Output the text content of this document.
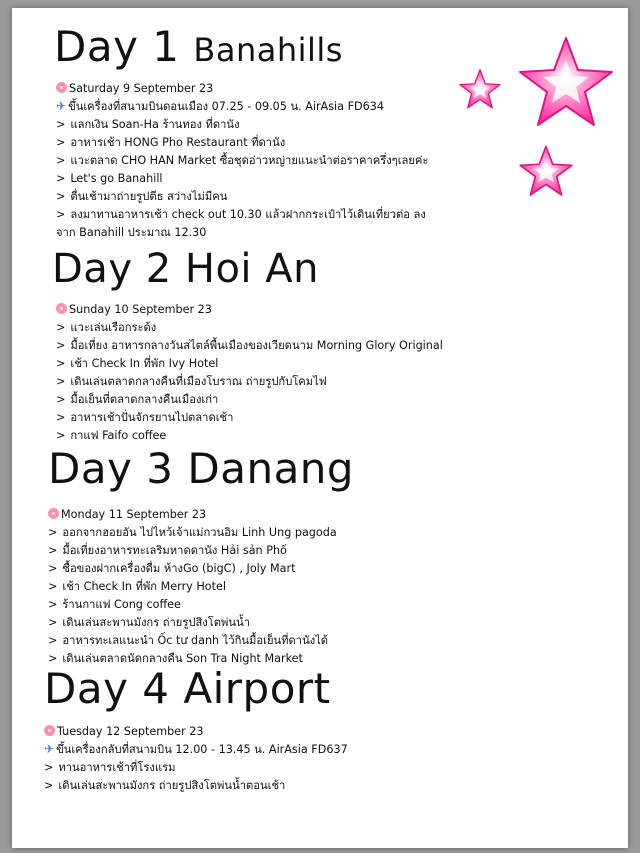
Day 1 Banahills
Saturday 9 September 23
✈ ขึ้นเครื่องที่สนามบินดอนเมือง 07.25 - 09.05 น. AirAsia FD634
> แลกเงิน Soan-Ha ร้านทอง ที่ดานัง
> อาหารเช้า HONG Pho Restaurant ที่ดานัง
> แวะตลาด CHO HAN Market ซื้อชุดอ่าวหญ่ายแนะนำต่อราคาครึ่งๆเลยค่ะ
> Let's go Banahill
> ตื่นเช้ามาถ่ายรูปตีธ สว่างไม่มีคน
> ลงมาทานอาหารเช้า check out 10.30 แล้วฝากกระเป๋าไว้เดินเที่ยวต่อ ลง
จาก Banahill ประมาณ 12.30
Day 2 Hoi An
Sunday 10 September 23
> แวะเล่นเรือกระด้ง
> มื้อเที่ยง อาหารกลางวันสไตล์พื้นเมืองของเวียดนาม Morning Glory Original
> เช้า Check In ที่พัก Ivy Hotel
> เดินเล่นตลาดกลางคืนที่เมืองโบราณ ถ่ายรูปกับโคมไฟ
> มื้อเย็นที่ตลาดกลางคืนเมืองเก่า
> อาหารเช้าปั่นจักรยานไปตลาดเช้า
> กาแฟ Faifo coffee
Day 3 Danang
Monday 11 September 23
> ออกจากฮอยอัน ไปไหว้เจ้าแม่กวนอิม Linh Ung pagoda
> มื้อเที่ยงอาหารทะเลริมหาดดานัง Hải sản Phố
> ซื้อของฝากเครื่องดื่ม ห้างGo (bigC) , Joly Mart
> เช้า Check In ที่พัก Merry Hotel
> ร้านกาแฟ Cong coffee
> เดินเล่นสะพานมังกร ถ่ายรูปสิงโตพ่นน้ำ
> อาหารทะเลแนะนำ Ốc tư danh ไว้กินมื้อเย็นที่ดานังได้
> เดินเล่นตลาดนัดกลางคืน Son Tra Night Market
Day 4 Airport
Tuesday 12 September 23
✈ ขึ้นเครื่องกลับที่สนามบิน 12.00 - 13.45 น. AirAsia FD637
> ทานอาหารเช้าที่โรงแรม
> เดินเล่นสะพานมังกร ถ่ายรูปสิงโตพ่นน้ำตอนเช้า
